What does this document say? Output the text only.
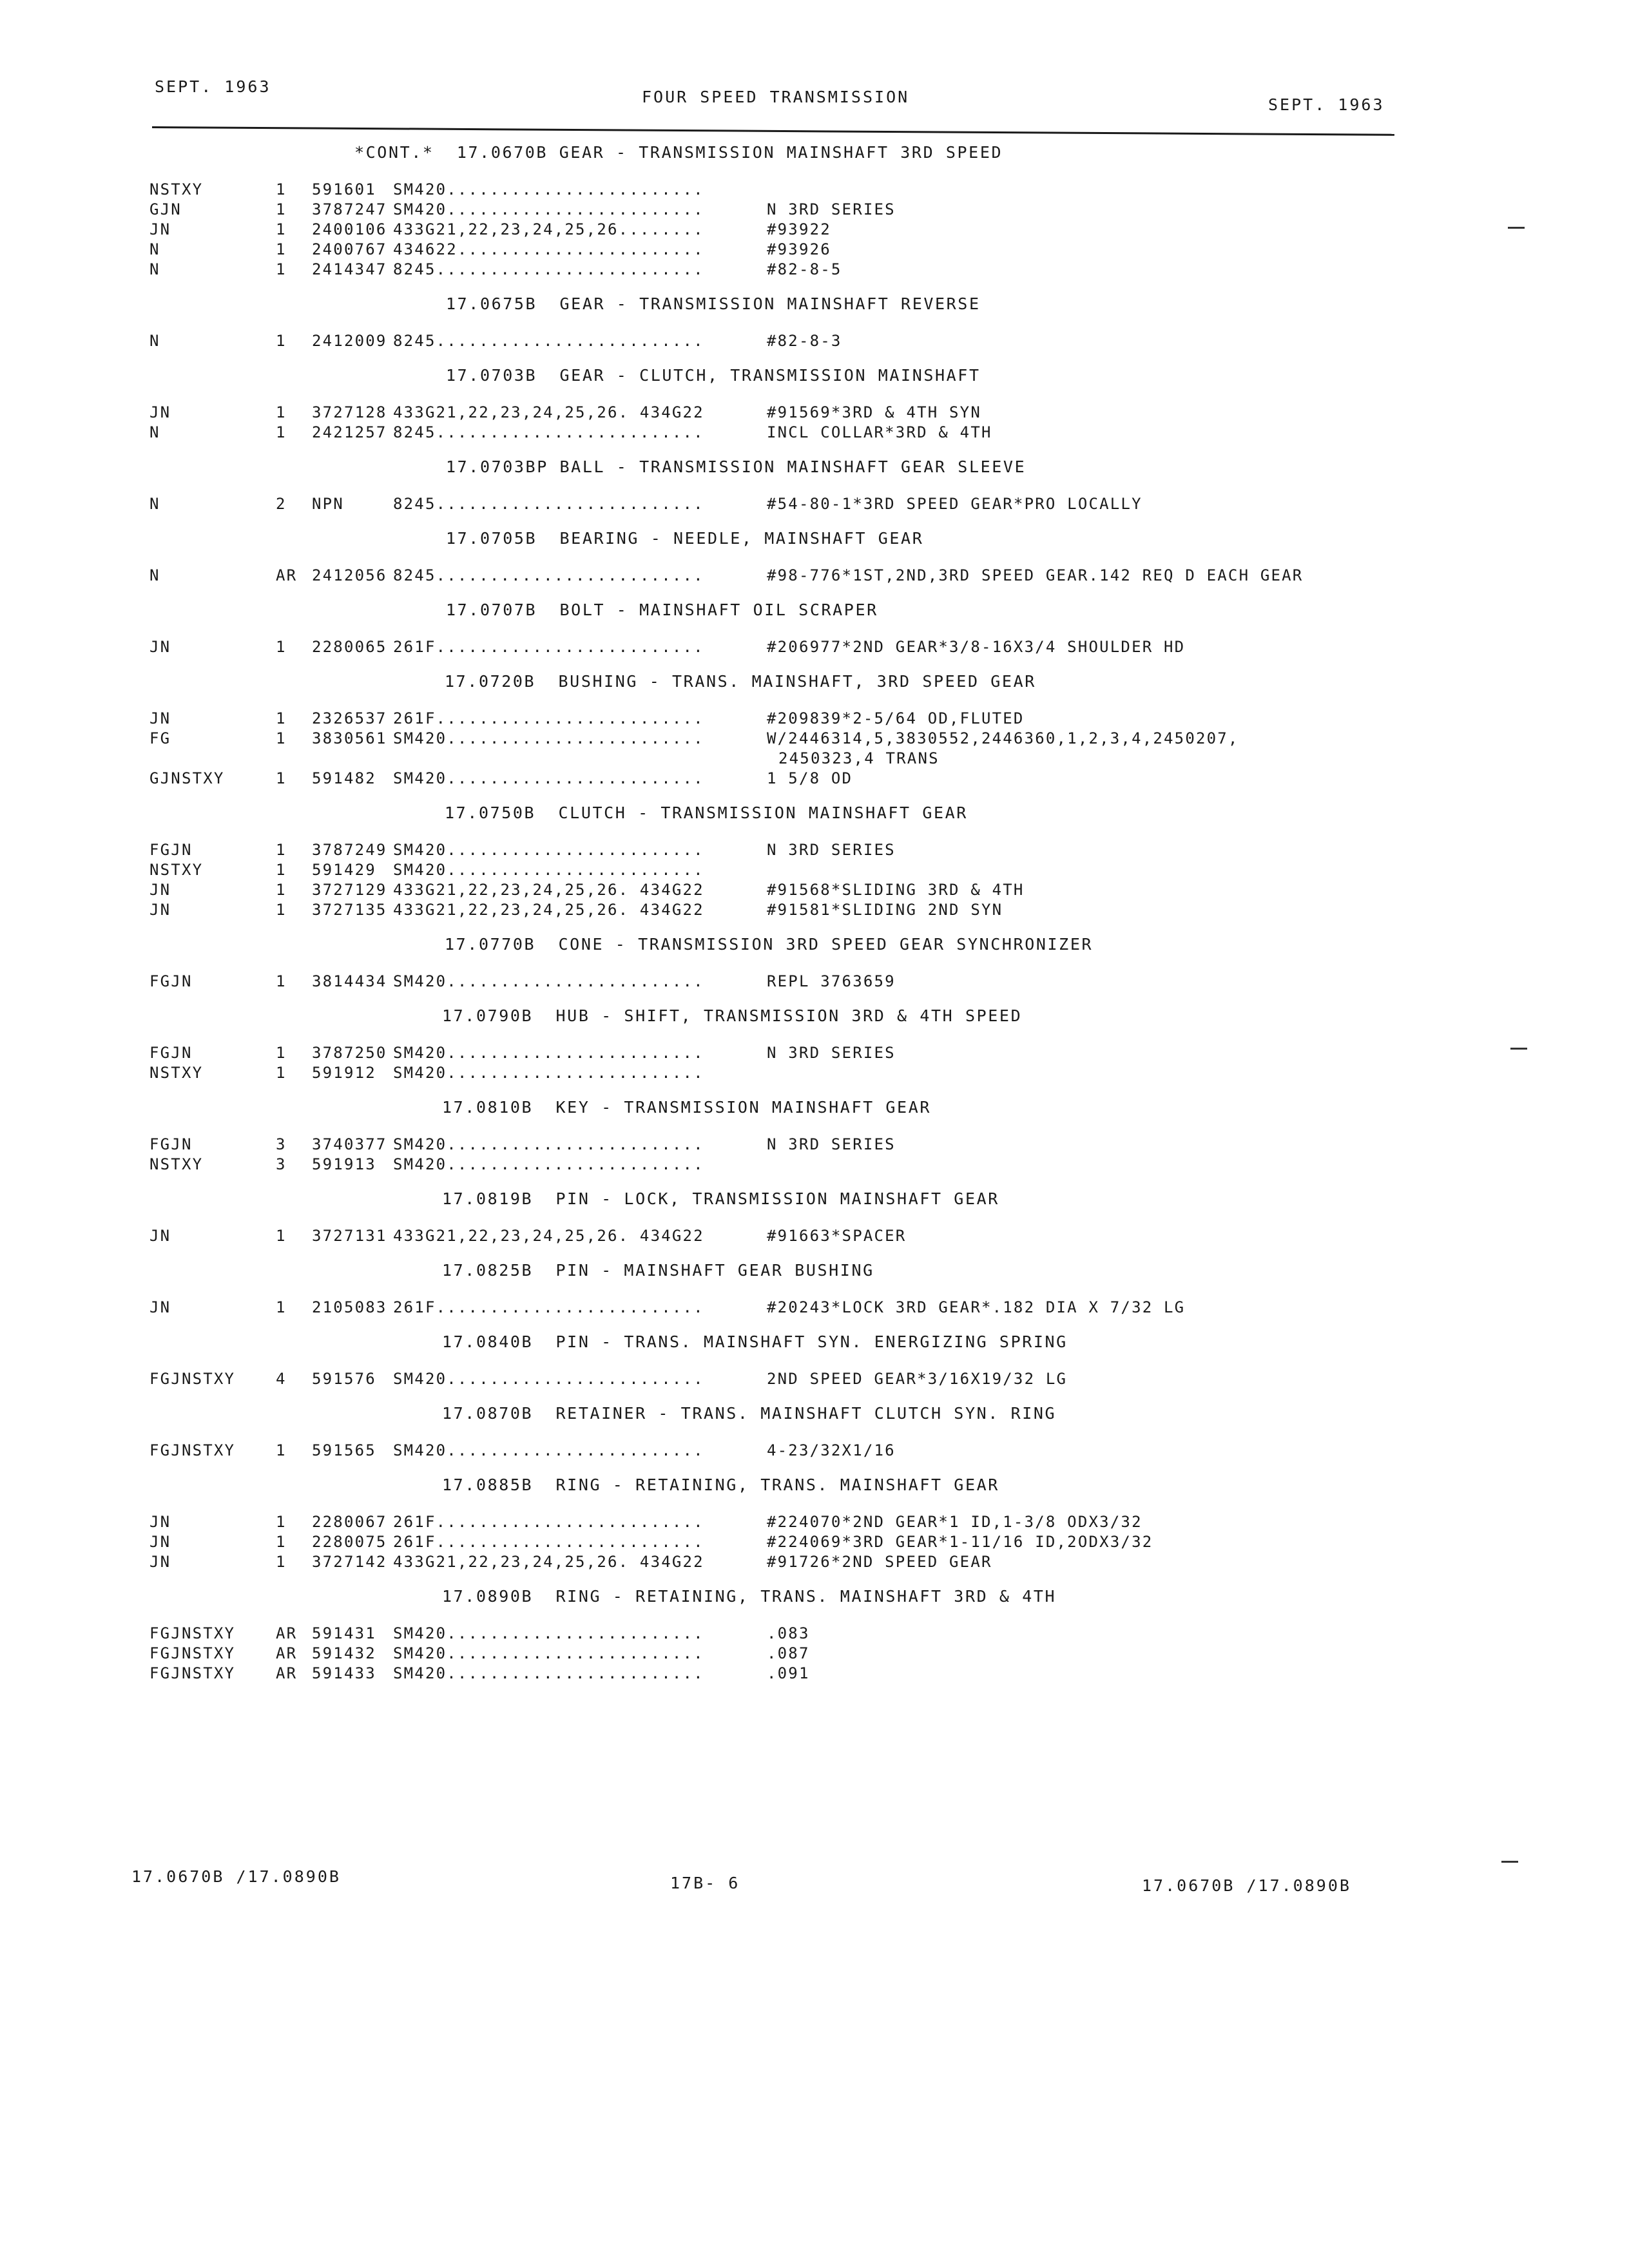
SEPT. 1963
FOUR SPEED TRANSMISSION	SEPT. 1963
*CONT.*  17.0670B GEAR - TRANSMISSION MAINSHAFT 3RD SPEED
NSTXY	1 591601 SM420........................
GJN	1 3787247 SM420........................	N 3RD SERIES
JN	1 2400106 433G21,22,23,24,25,26........	#93922
N	1 2400767 434622.......................	#93926
N	1 2414347 8245.........................	#82-8-5
17.0675B  GEAR - TRANSMISSION MAINSHAFT REVERSE
N	1 2412009 8245.........................	#82-8-3
17.0703B  GEAR - CLUTCH, TRANSMISSION MAINSHAFT
JN	1 3727128 433G21,22,23,24,25,26. 434G22	#91569*3RD & 4TH SYN
N	1 2421257 8245.........................	INCL COLLAR*3RD & 4TH
17.0703BP BALL - TRANSMISSION MAINSHAFT GEAR SLEEVE
N	2 NPN	8245.........................	#54-80-1*3RD SPEED GEAR*PRO LOCALLY
17.0705B  BEARING - NEEDLE, MAINSHAFT GEAR
N	AR 2412056 8245.........................	#98-776*1ST,2ND,3RD SPEED GEAR.142 REQ D EACH GEAR
17.0707B  BOLT - MAINSHAFT OIL SCRAPER
JN	1 2280065 261F.........................	#206977*2ND GEAR*3/8-16X3/4 SHOULDER HD
17.0720B  BUSHING - TRANS. MAINSHAFT, 3RD SPEED GEAR
JN	1 2326537 261F.........................	#209839*2-5/64 OD,FLUTED
FG	1 3830561 SM420........................	W/2446314,5,3830552,2446360,1,2,3,4,2450207,
2450323,4 TRANS
GJNSTXY	1 591482 SM420........................	1 5/8 OD
17.0750B  CLUTCH - TRANSMISSION MAINSHAFT GEAR
FGJN	1 3787249 SM420........................	N 3RD SERIES
NSTXY	1 591429 SM420........................
JN	1 3727129 433G21,22,23,24,25,26. 434G22	#91568*SLIDING 3RD & 4TH
JN	1 3727135 433G21,22,23,24,25,26. 434G22	#91581*SLIDING 2ND SYN
17.0770B  CONE - TRANSMISSION 3RD SPEED GEAR SYNCHRONIZER
FGJN	1 3814434 SM420........................	REPL 3763659
17.0790B  HUB - SHIFT, TRANSMISSION 3RD & 4TH SPEED
FGJN	1 3787250 SM420........................	N 3RD SERIES
NSTXY	1 591912 SM420........................
17.0810B  KEY - TRANSMISSION MAINSHAFT GEAR
FGJN	3 3740377 SM420........................	N 3RD SERIES
NSTXY	3 591913 SM420........................
17.0819B  PIN - LOCK, TRANSMISSION MAINSHAFT GEAR
JN	1 3727131 433G21,22,23,24,25,26. 434G22	#91663*SPACER
17.0825B  PIN - MAINSHAFT GEAR BUSHING
JN	1 2105083 261F.........................	#20243*LOCK 3RD GEAR*.182 DIA X 7/32 LG
17.0840B  PIN - TRANS. MAINSHAFT SYN. ENERGIZING SPRING
FGJNSTXY	4 591576 SM420........................	2ND SPEED GEAR*3/16X19/32 LG
17.0870B  RETAINER - TRANS. MAINSHAFT CLUTCH SYN. RING
FGJNSTXY	1 591565 SM420........................	4-23/32X1/16
17.0885B  RING - RETAINING, TRANS. MAINSHAFT GEAR
JN	1 2280067 261F.........................	#224070*2ND GEAR*1 ID,1-3/8 ODX3/32
JN	1 2280075 261F.........................	#224069*3RD GEAR*1-11/16 ID,2ODX3/32
JN	1 3727142 433G21,22,23,24,25,26. 434G22	#91726*2ND SPEED GEAR
17.0890B  RING - RETAINING, TRANS. MAINSHAFT 3RD & 4TH
FGJNSTXY	AR 591431 SM420........................	.083
FGJNSTXY	AR 591432 SM420........................	.087
FGJNSTXY	AR 591433 SM420........................	.091
17.0670B /17.0890B	17B- 6	17.0670B /17.0890B
